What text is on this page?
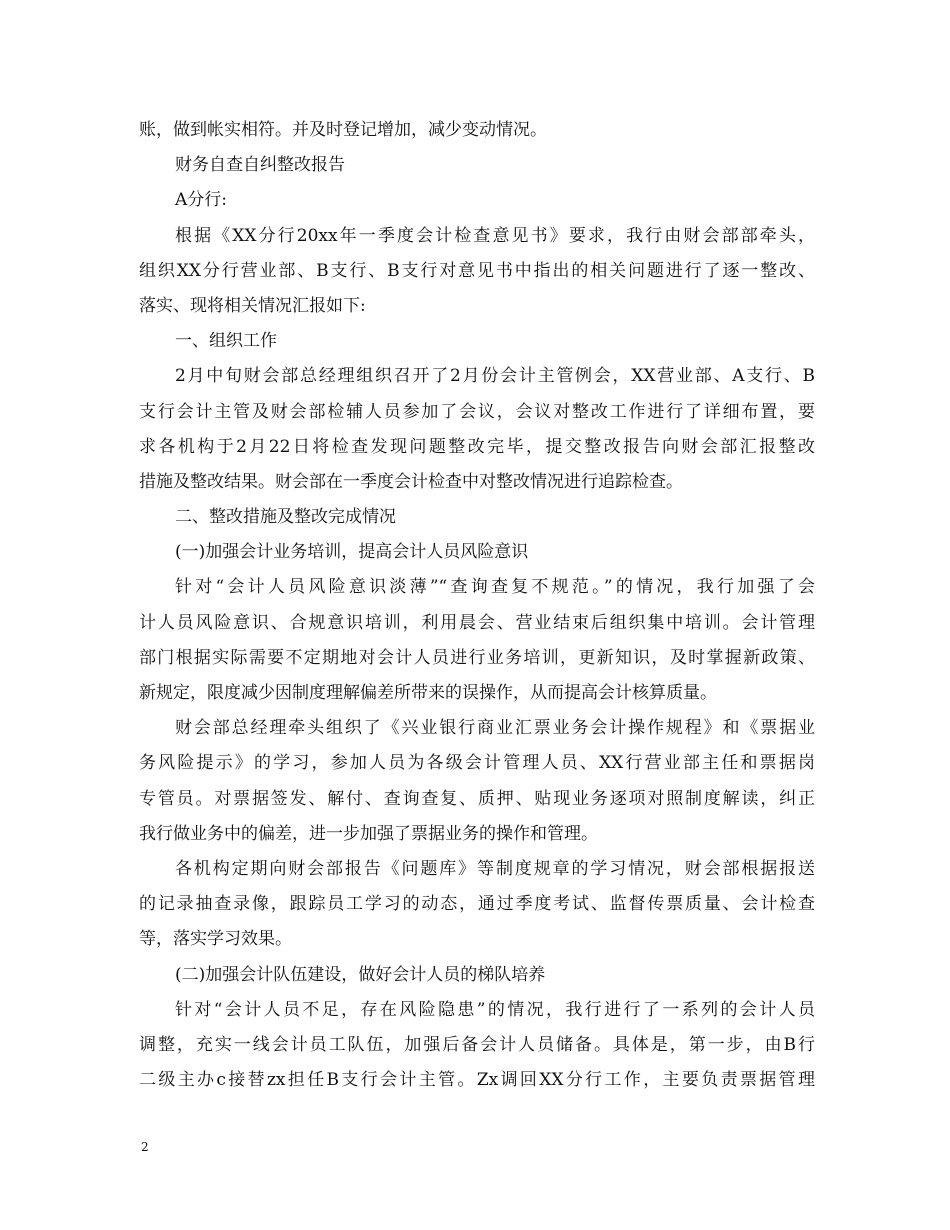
账，做到帐实相符。并及时登记增加，减少变动情况。
财务自查自纠整改报告
A分行:
根据《XX分行20xx年一季度会计检查意见书》要求，我行由财会部部牵头，
组织XX分行营业部、B支行、B支行对意见书中指出的相关问题进行了逐一整改、
落实、现将相关情况汇报如下:
一、组织工作
2月中旬财会部总经理组织召开了2月份会计主管例会，XX营业部、A支行、B
支行会计主管及财会部检辅人员参加了会议，会议对整改工作进行了详细布置，要
求各机构于2月22日将检查发现问题整改完毕，提交整改报告向财会部汇报整改
措施及整改结果。财会部在一季度会计检查中对整改情况进行追踪检查。
二、整改措施及整改完成情况
(一)加强会计业务培训，提高会计人员风险意识
针对“会计人员风险意识淡薄”“查询查复不规范。”的情况，我行加强了会
计人员风险意识、合规意识培训，利用晨会、营业结束后组织集中培训。会计管理
部门根据实际需要不定期地对会计人员进行业务培训，更新知识，及时掌握新政策、
新规定，限度减少因制度理解偏差所带来的误操作，从而提高会计核算质量。
财会部总经理牵头组织了《兴业银行商业汇票业务会计操作规程》和《票据业
务风险提示》的学习，参加人员为各级会计管理人员、XX行营业部主任和票据岗
专管员。对票据签发、解付、查询查复、质押、贴现业务逐项对照制度解读，纠正
我行做业务中的偏差，进一步加强了票据业务的操作和管理。
各机构定期向财会部报告《问题库》等制度规章的学习情况，财会部根据报送
的记录抽查录像，跟踪员工学习的动态，通过季度考试、监督传票质量、会计检查
等，落实学习效果。
(二)加强会计队伍建设，做好会计人员的梯队培养
针对“会计人员不足，存在风险隐患”的情况，我行进行了一系列的会计人员
调整，充实一线会计员工队伍，加强后备会计人员储备。具体是，第一步，由B行
二级主办c接替zx担任B支行会计主管。Zx调回XX分行工作，主要负责票据管理
2
